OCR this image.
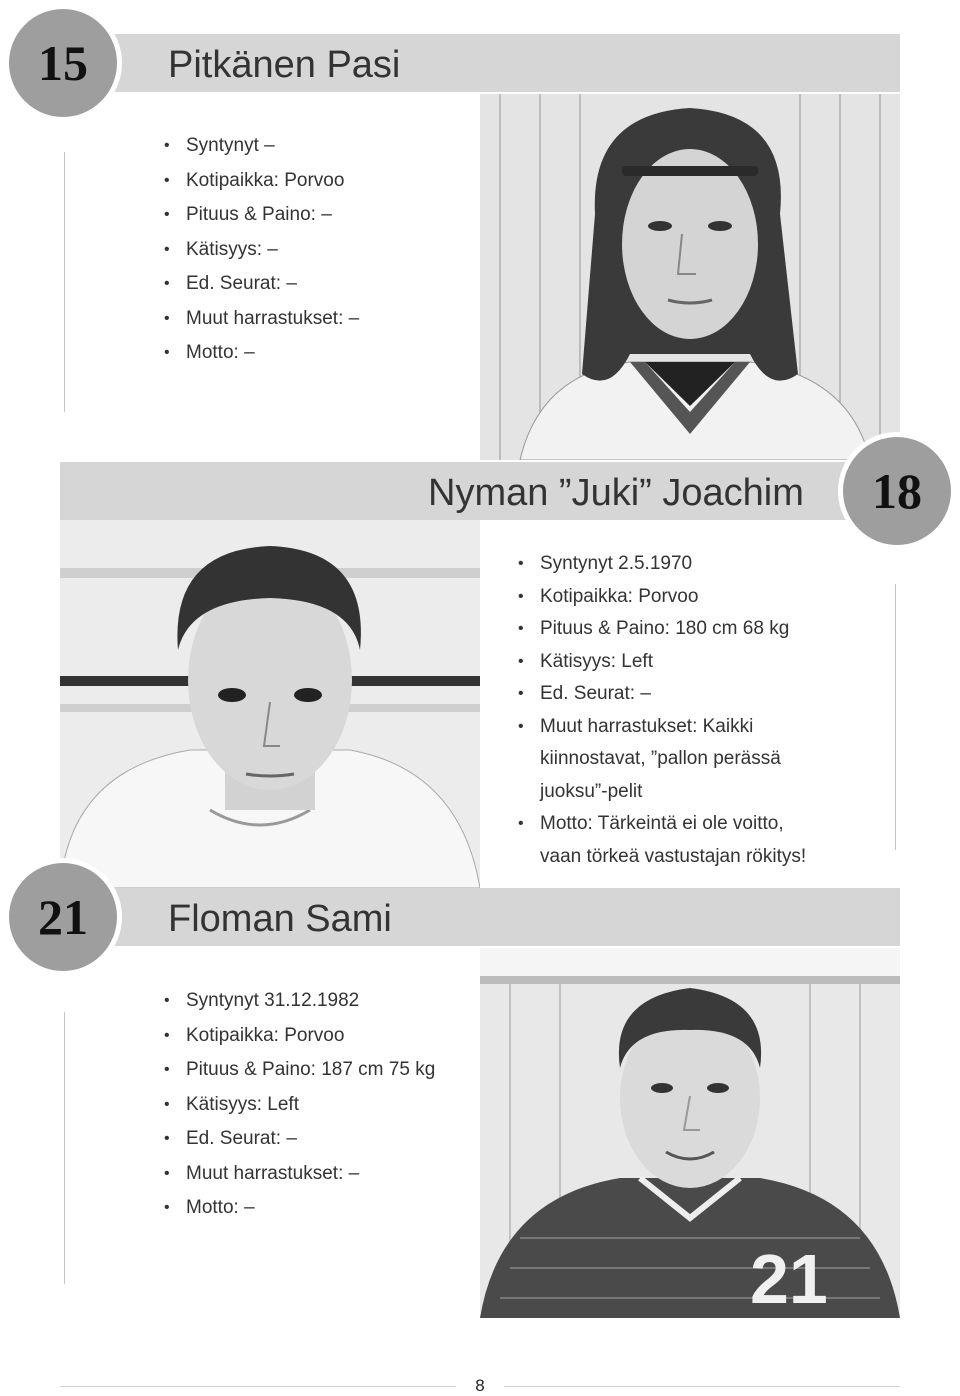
Pitkänen Pasi
15
• Syntynyt –
• Kotipaikka: Porvoo
• Pituus & Paino: –
• Kätisyys: –
• Ed. Seurat: –
• Muut harrastukset: –
• Motto: –
Nyman ”Juki” Joachim	18
• Syntynyt 2.5.1970
• Kotipaikka: Porvoo
• Pituus & Paino: 180 cm 68 kg
• Kätisyys: Left
• Ed. Seurat: –
• Muut harrastukset: Kaikki kiinnostavat, ”pallon perässä juoksu”-pelit
• Motto: Tärkeintä ei ole voitto, vaan törkeä vastustajan rökitys!
Floman Sami
21
• Syntynyt 31.12.1982
• Kotipaikka: Porvoo
• Pituus & Paino: 187 cm 75 kg
• Kätisyys: Left
• Ed. Seurat: –
• Muut harrastukset: –
• Motto: –
21
8
